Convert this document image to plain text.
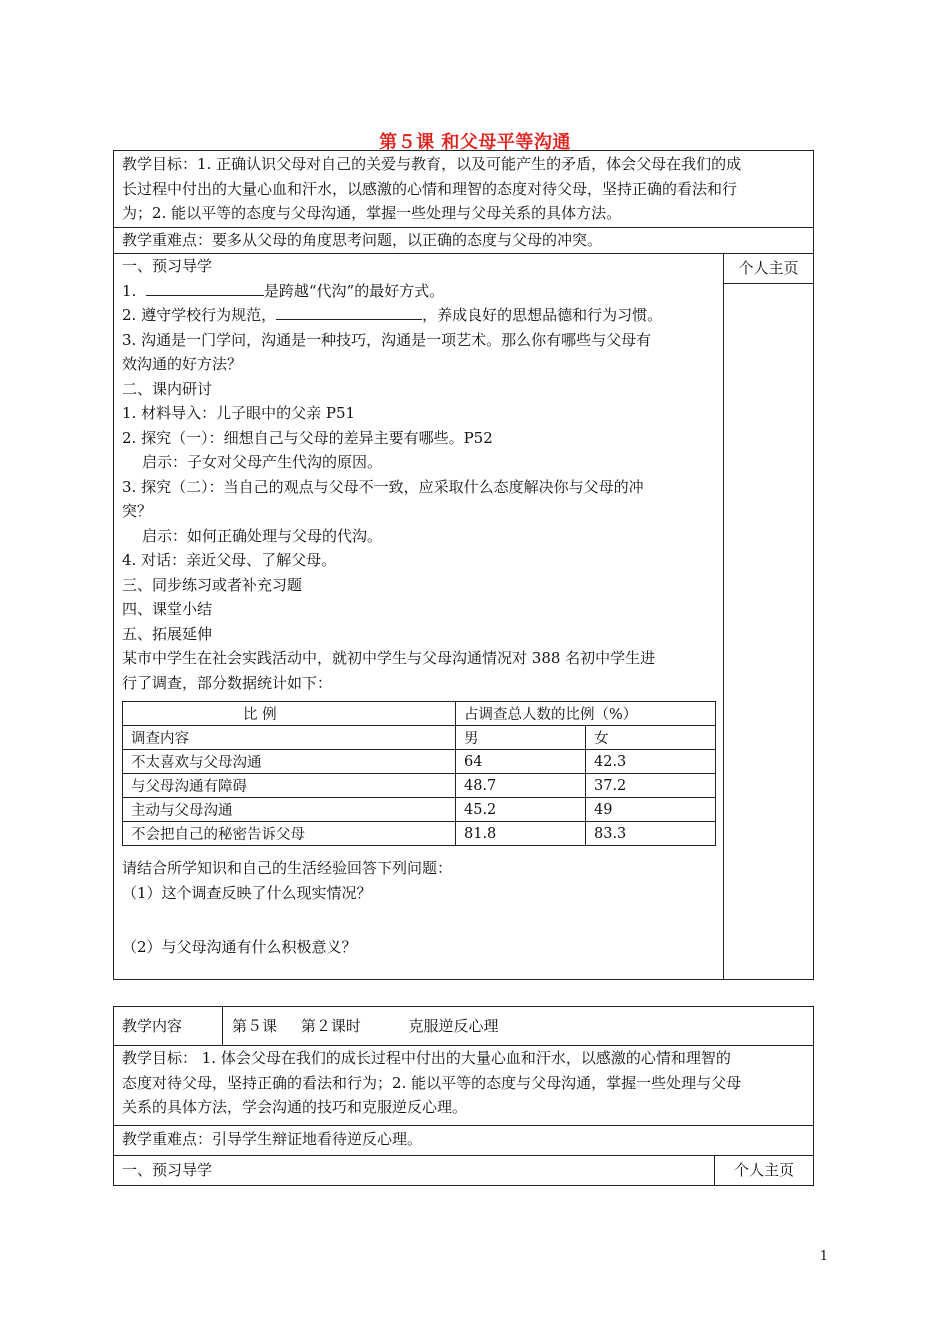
第５课 和父母平等沟通
教学目标：1. 正确认识父母对自己的关爱与教育，以及可能产生的矛盾，体会父母在我们的成
长过程中付出的大量心血和汗水，以感激的心情和理智的态度对待父母，坚持正确的看法和行
为；2. 能以平等的态度与父母沟通，掌握一些处理与父母关系的具体方法。
教学重难点：要多从父母的角度思考问题，以正确的态度与父母的冲突。
个人主页
一、预习导学
1.	是跨越“代沟”的最好方式。
2. 遵守学校行为规范，	，养成良好的思想品德和行为习惯。
3. 沟通是一门学问，沟通是一种技巧，沟通是一项艺术。那么你有哪些与父母有
效沟通的好方法？
二、课内研讨
1. 材料导入：儿子眼中的父亲 P51
2. 探究（一）：细想自己与父母的差异主要有哪些。P52
启示：子女对父母产生代沟的原因。
3. 探究（二）：当自己的观点与父母不一致，应采取什么态度解决你与父母的冲
突？
启示：如何正确处理与父母的代沟。
4. 对话：亲近父母、了解父母。
三、同步练习或者补充习题
四、课堂小结
五、拓展延伸
某市中学生在社会实践活动中，就初中学生与父母沟通情况对 388 名初中学生进
行了调查，部分数据统计如下：
比 例	占调查总人数的比例（%）	
调查内容	男	女
不太喜欢与父母沟通	64	42.3
与父母沟通有障碍	48.7	37.2
主动与父母沟通	45.2	49
不会把自己的秘密告诉父母	81.8	83.3
请结合所学知识和自己的生活经验回答下列问题：
（1）这个调查反映了什么现实情况？
（2）与父母沟通有什么积极意义？
教学内容	第５课     第２课时          克服逆反心理
教学目标： 1. 体会父母在我们的成长过程中付出的大量心血和汗水，以感激的心情和理智的
态度对待父母，坚持正确的看法和行为；2. 能以平等的态度与父母沟通，掌握一些处理与父母
关系的具体方法，学会沟通的技巧和克服逆反心理。
教学重难点：引导学生辩证地看待逆反心理。
一、预习导学	个人主页
1
